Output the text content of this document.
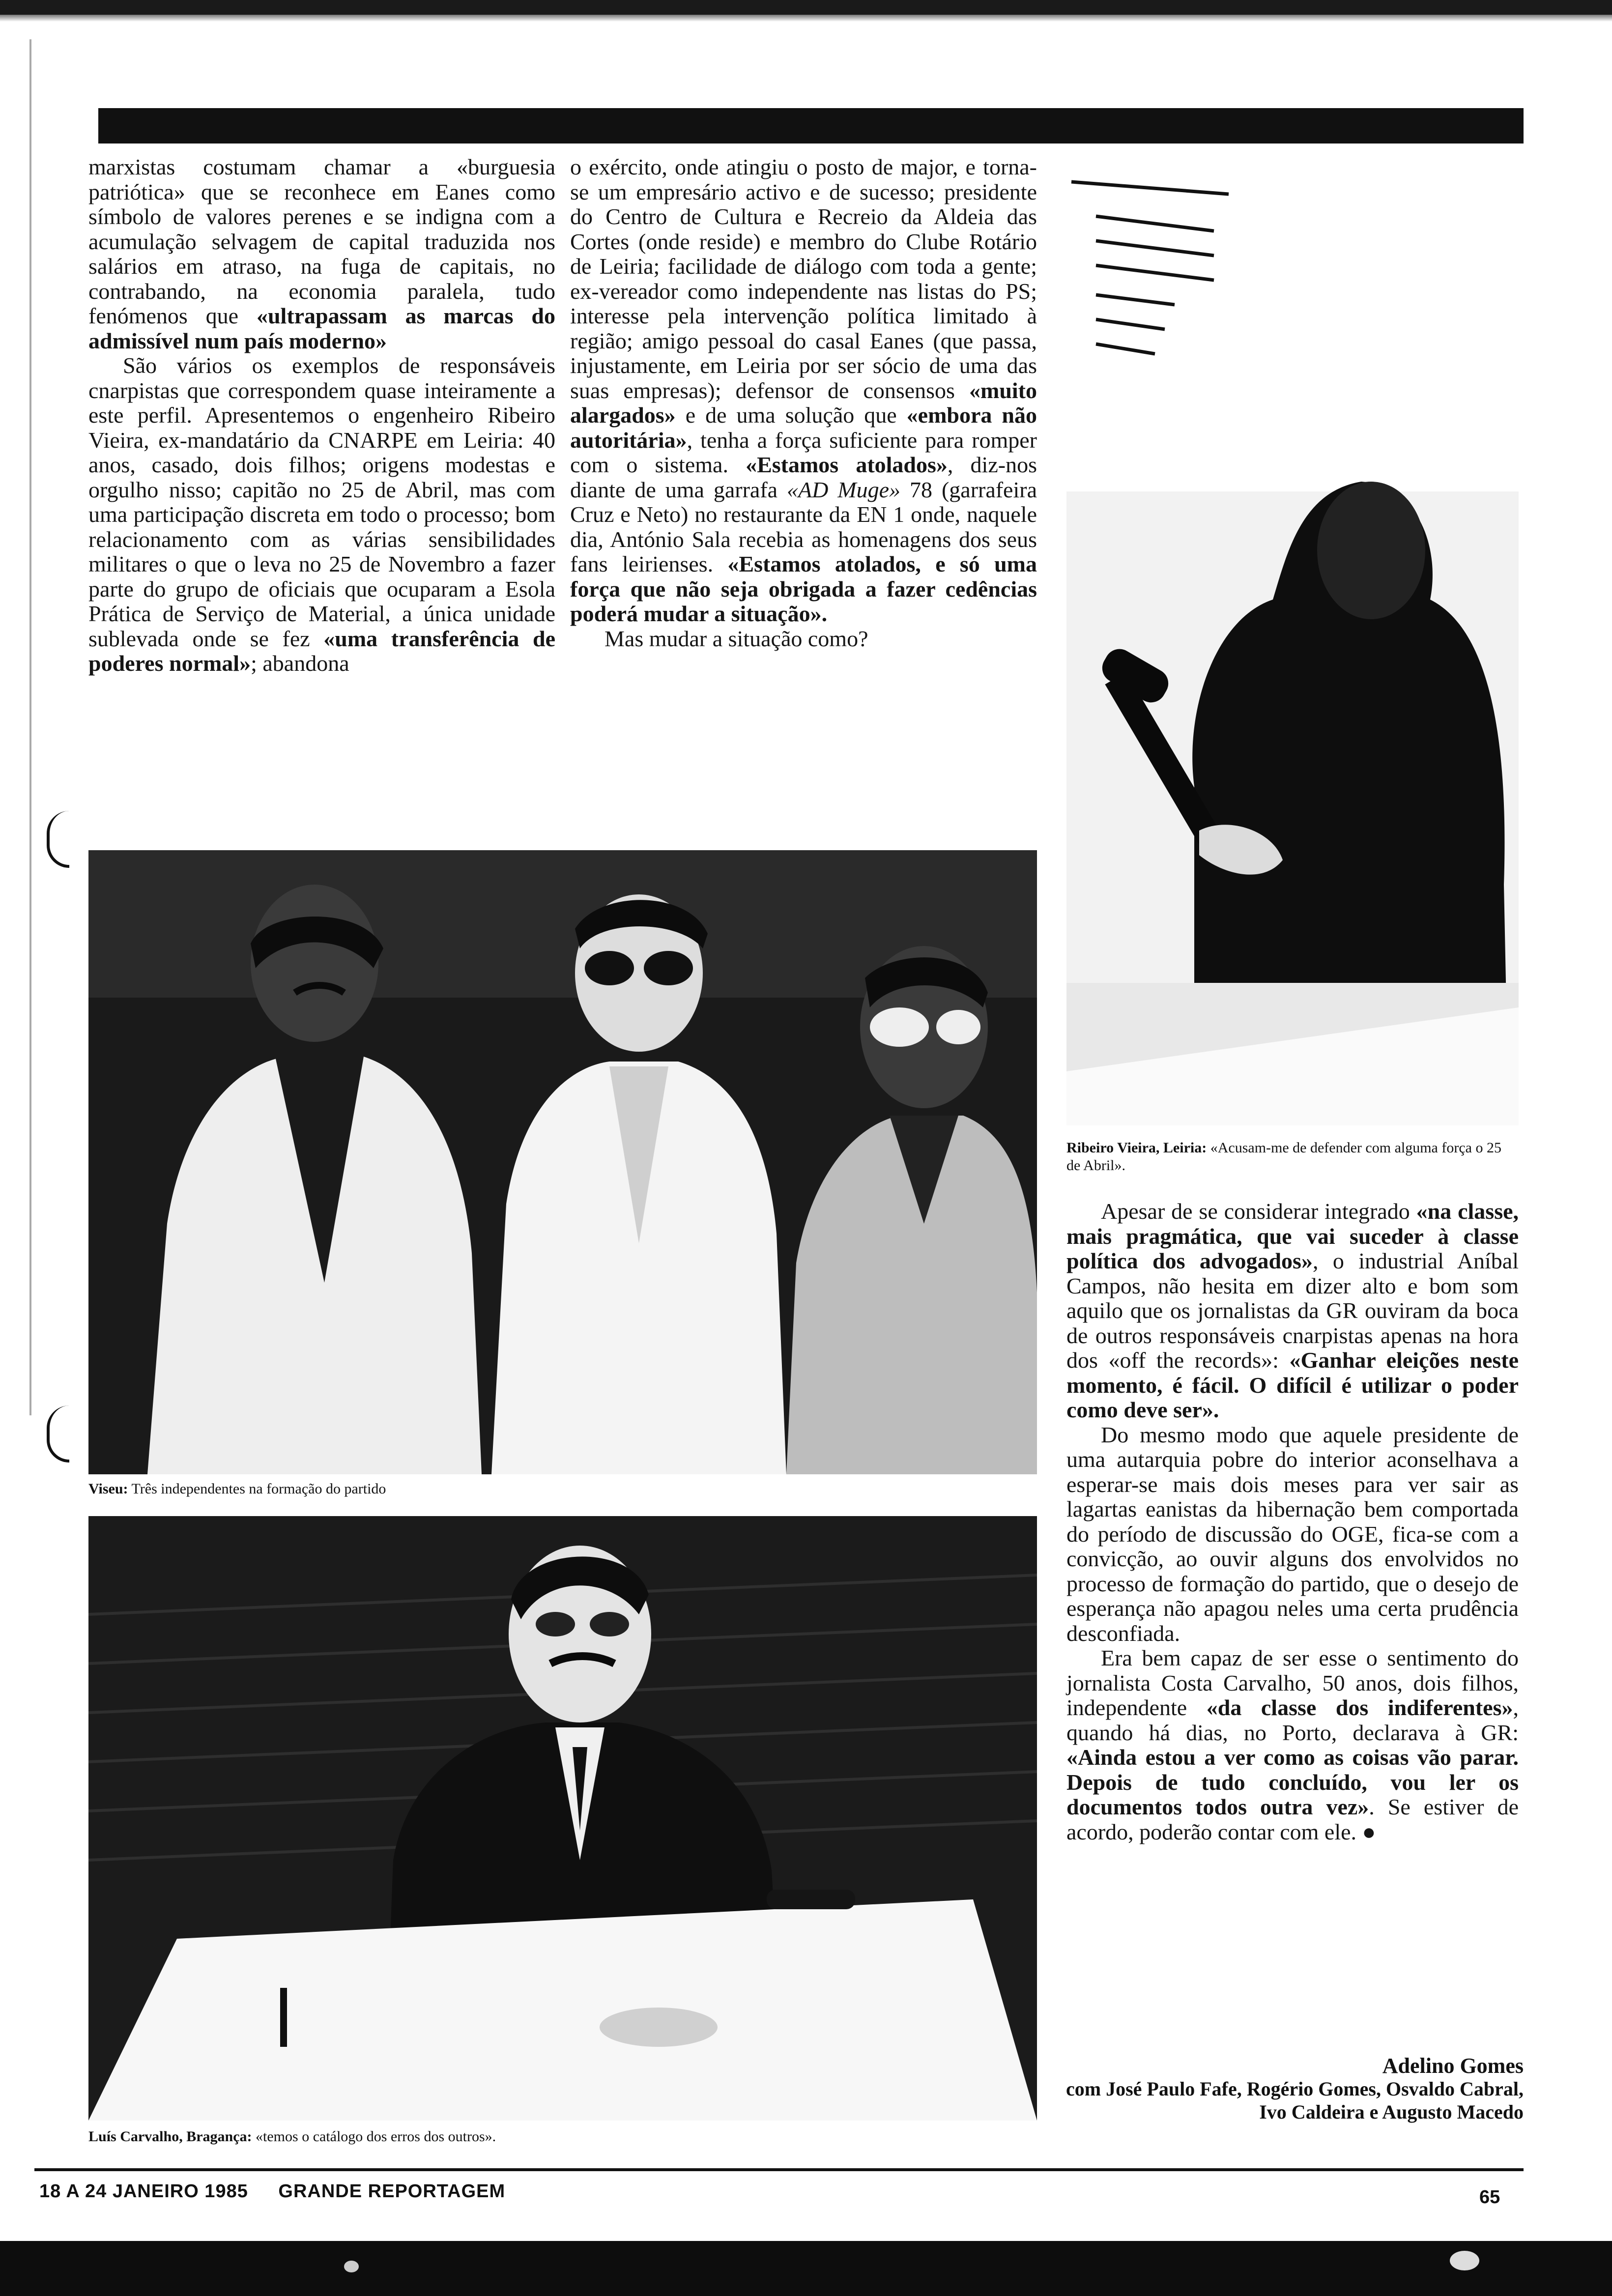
marxistas costumam chamar a «burguesia patriótica» que se reconhece em Eanes como símbolo de valores perenes e se indigna com a acumulação selvagem de capital traduzida nos salários em atraso, na fuga de capitais, no contrabando, na economia paralela, tudo fenómenos que «ultrapassam as marcas do admissível num país moderno»

São vários os exemplos de responsáveis cnarpistas que correspondem quase inteiramente a este perfil. Apresentemos o engenheiro Ribeiro Vieira, ex-mandatário da CNARPE em Leiria: 40 anos, casado, dois filhos; origens modestas e orgulho nisso; capitão no 25 de Abril, mas com uma participação discreta em todo o processo; bom relacionamento com as várias sensibilidades militares o que o leva no 25 de Novembro a fazer parte do grupo de oficiais que ocuparam a Esola Prática de Serviço de Material, a única unidade sublevada onde se fez «uma transferência de poderes normal»; abandona

o exército, onde atingiu o posto de major, e torna-se um empresário activo e de sucesso; presidente do Centro de Cultura e Recreio da Aldeia das Cortes (onde reside) e membro do Clube Rotário de Leiria; facilidade de diálogo com toda a gente; ex-vereador como independente nas listas do PS; interesse pela intervenção política limitado à região; amigo pessoal do casal Eanes (que passa, injustamente, em Leiria por ser sócio de uma das suas empresas); defensor de consensos «muito alargados» e de uma solução que «embora não autoritária», tenha a força suficiente para romper com o sistema. «Estamos atolados», diz-nos diante de uma garrafa «AD Muge» 78 (garrafeira Cruz e Neto) no restaurante da EN 1 onde, naquele dia, António Sala recebia as homenagens dos seus fans leirienses. «Estamos atolados, e só uma força que não seja obrigada a fazer cedências poderá mudar a situação».

Mas mudar a situação como?

Apesar de se considerar integrado «na classe, mais pragmática, que vai suceder à classe política dos advogados», o industrial Aníbal Campos, não hesita em dizer alto e bom som aquilo que os jornalistas da GR ouviram da boca de outros responsáveis cnarpistas apenas na hora dos «off the records»: «Ganhar eleições neste momento, é fácil. O difícil é utilizar o poder como deve ser».

Do mesmo modo que aquele presidente de uma autarquia pobre do interior aconselhava a esperar-se mais dois meses para ver sair as lagartas eanistas da hibernação bem comportada do período de discussão do OGE, fica-se com a convicção, ao ouvir alguns dos envolvidos no processo de formação do partido, que o desejo de esperança não apagou neles uma certa prudência desconfiada.

Era bem capaz de ser esse o sentimento do jornalista Costa Carvalho, 50 anos, dois filhos, independente «da classe dos indiferentes», quando há dias, no Porto, declarava à GR: «Ainda estou a ver como as coisas vão parar. Depois de tudo concluído, vou ler os documentos todos outra vez». Se estiver de acordo, poderão contar com ele. ●

Ribeiro Vieira, Leiria: «Acusam-me de defender com alguma força o 25 de Abril».
Viseu: Três independentes na formação do partido
Luís Carvalho, Bragança: «temos o catálogo dos erros dos outros».
Adelino Gomes
com José Paulo Fafe, Rogério Gomes, Osvaldo Cabral, Ivo Caldeira e Augusto Macedo
18 A 24 JANEIRO 1985 GRANDE REPORTAGEM	65
